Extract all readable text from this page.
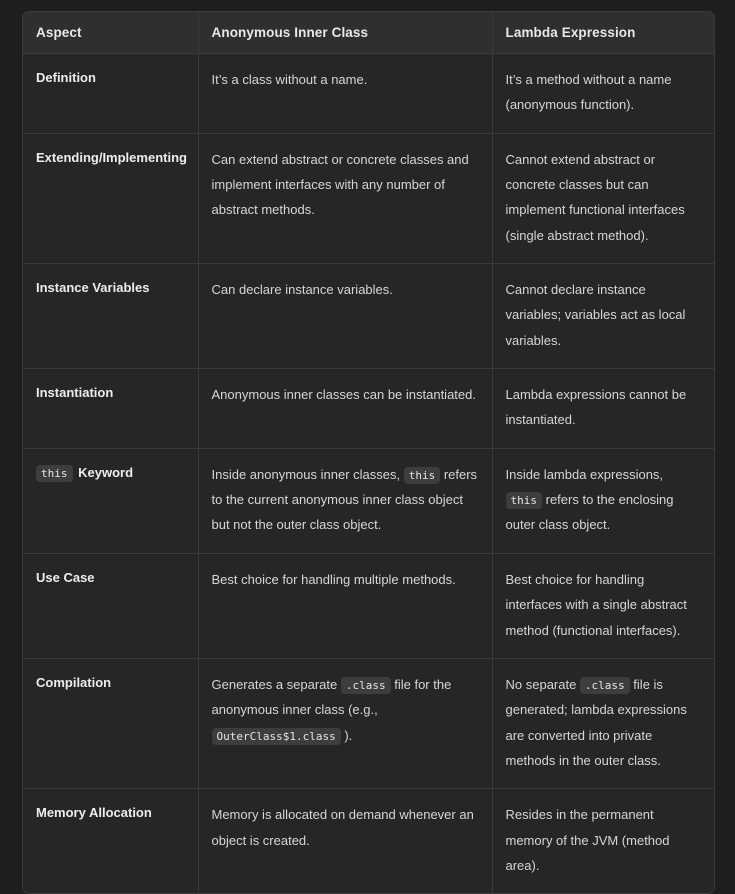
Aspect	Anonymous Inner Class	Lambda Expression
Definition	It’s a class without a name.	It’s a method without a name (anonymous function).
Extending/Implementing	Can extend abstract or concrete classes and implement interfaces with any number of abstract methods.	Cannot extend abstract or concrete classes but can implement functional interfaces (single abstract method).
Instance Variables	Can declare instance variables.	Cannot declare instance variables; variables act as local variables.
Instantiation	Anonymous inner classes can be instantiated.	Lambda expressions cannot be instantiated.
this Keyword	Inside anonymous inner classes, this refers to the current anonymous inner class object but not the outer class object.	Inside lambda expressions, this refers to the enclosing outer class object.
Use Case	Best choice for handling multiple methods.	Best choice for handling interfaces with a single abstract method (functional interfaces).
Compilation	Generates a separate .class file for the anonymous inner class (e.g., OuterClass$1.class ).	No separate .class file is generated; lambda expressions are converted into private methods in the outer class.
Memory Allocation	Memory is allocated on demand whenever an object is created.	Resides in the permanent memory of the JVM (method area).
